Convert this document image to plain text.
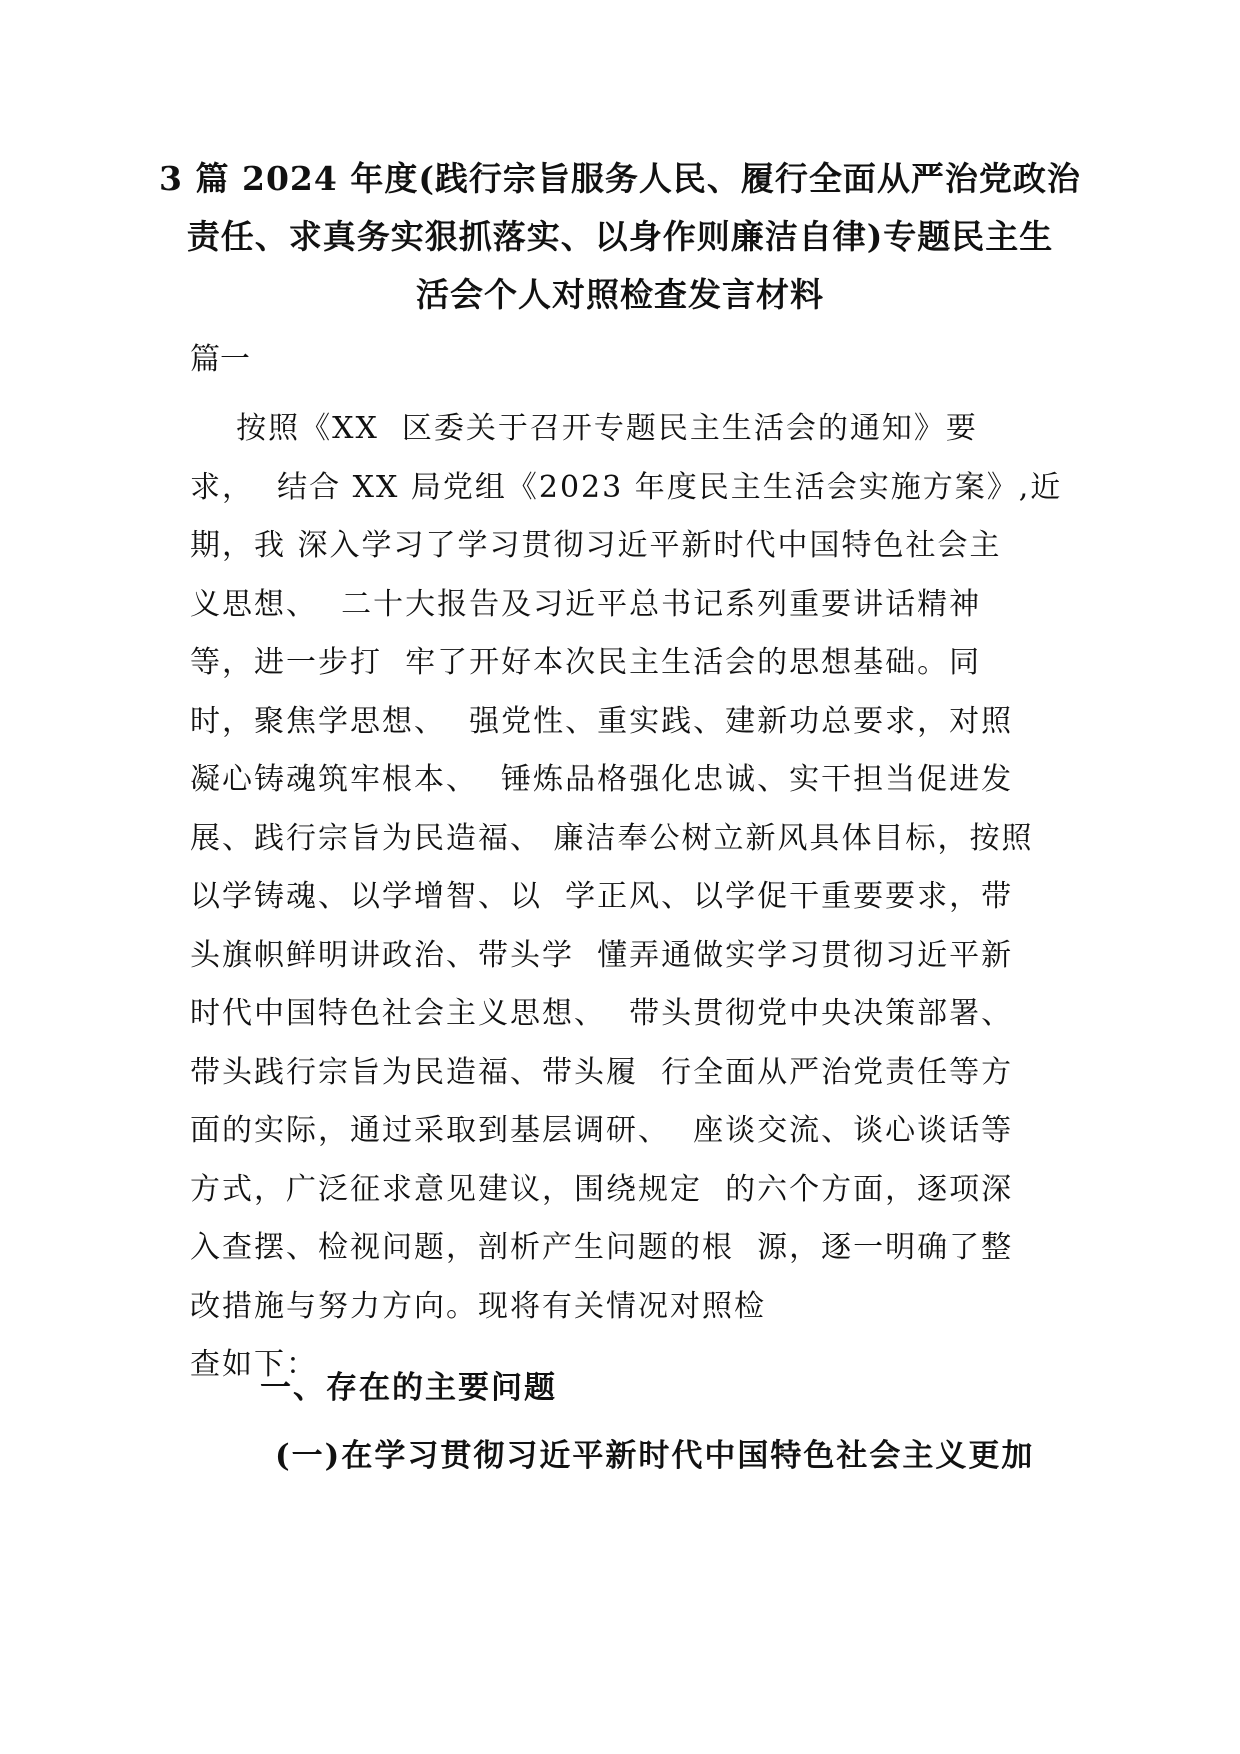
3 篇 2024 年度(践行宗旨服务人民、履行全面从严治党政治
责任、求真务实狠抓落实、以身作则廉洁自律)专题民主生
活会个人对照检查发言材料
篇一
按照《XX  区委关于召开专题民主生活会的通知》要
求，  结合 XX 局党组《2023 年度民主生活会实施方案》,近
期，我 深入学习了学习贯彻习近平新时代中国特色社会主
义思想、  二十大报告及习近平总书记系列重要讲话精神
等，进一步打  牢了开好本次民主生活会的思想基础。同
时，聚焦学思想、  强党性、重实践、建新功总要求，对照
凝心铸魂筑牢根本、  锤炼品格强化忠诚、实干担当促进发
展、践行宗旨为民造福、 廉洁奉公树立新风具体目标，按照
以学铸魂、以学增智、以  学正风、以学促干重要要求，带
头旗帜鲜明讲政治、带头学  懂弄通做实学习贯彻习近平新
时代中国特色社会主义思想、  带头贯彻党中央决策部署、
带头践行宗旨为民造福、带头履  行全面从严治党责任等方
面的实际，通过采取到基层调研、  座谈交流、谈心谈话等
方式，广泛征求意见建议，围绕规定  的六个方面，逐项深
入查摆、检视问题，剖析产生问题的根  源，逐一明确了整
改措施与努力方向。现将有关情况对照检
查如下：
一、存在的主要问题
(一)在学习贯彻习近平新时代中国特色社会主义更加
